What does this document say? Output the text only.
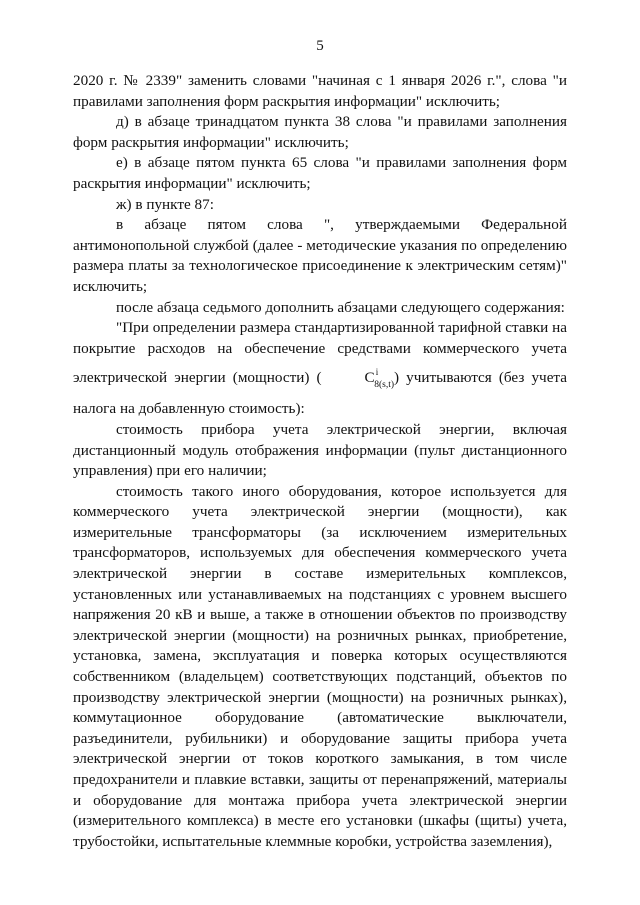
5

2020 г. № 2339" заменить словами "начиная с 1 января 2026 г.", слова "и правилами заполнения форм раскрытия информации" исключить;

д) в абзаце тринадцатом пункта 38 слова "и правилами заполнения форм раскрытия информации" исключить;

е) в абзаце пятом пункта 65 слова "и правилами заполнения форм раскрытия информации" исключить;

ж) в пункте 87:

в абзаце пятом слова ", утверждаемыми Федеральной антимонопольной службой (далее - методические указания по определению размера платы за технологическое присоединение к электрическим сетям)" исключить;

после абзаца седьмого дополнить абзацами следующего содержания:

"При определении размера стандартизированной тарифной ставки на покрытие расходов на обеспечение средствами коммерческого учета электрической энергии (мощности) (	$C^i_{8(s,t)}$) учитываются (без учета налога на добавленную стоимость):

стоимость прибора учета электрической энергии, включая дистанционный модуль отображения информации (пульт дистанционного управления) при его наличии;

стоимость такого иного оборудования, которое используется для коммерческого учета электрической энергии (мощности), как измерительные трансформаторы (за исключением измерительных трансформаторов, используемых для обеспечения коммерческого учета электрической энергии в составе измерительных комплексов, установленных или устанавливаемых на подстанциях с уровнем высшего напряжения 20 кВ и выше, а также в отношении объектов по производству электрической энергии (мощности) на розничных рынках, приобретение, установка, замена, эксплуатация и поверка которых осуществляются собственником (владельцем) соответствующих подстанций, объектов по производству электрической энергии (мощности) на розничных рынках), коммутационное оборудование (автоматические выключатели, разъединители, рубильники) и оборудование защиты прибора учета электрической энергии от токов короткого замыкания, в том числе предохранители и плавкие вставки, защиты от перенапряжений, материалы и оборудование для монтажа прибора учета электрической энергии (измерительного комплекса) в месте его установки (шкафы (щиты) учета, трубостойки, испытательные клеммные коробки, устройства заземления),
